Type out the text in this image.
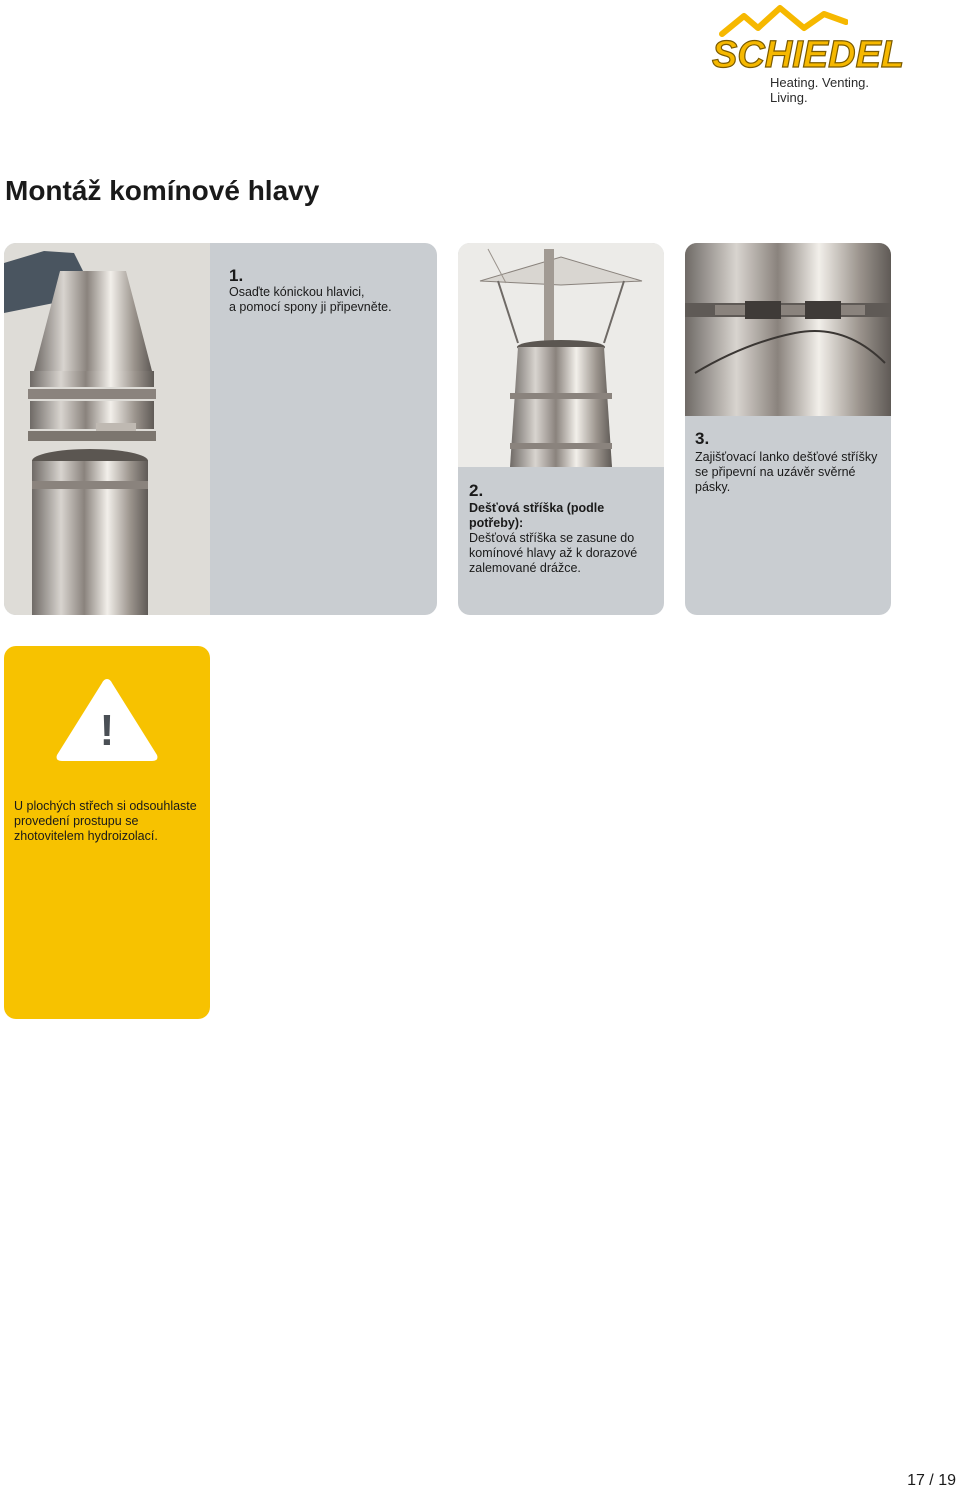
SCHIEDEL
Heating. Venting. Living.
Montáž komínové hlavy
1.
Osaďte kónickou hlavici,
a pomocí spony ji připevněte.
2.
Dešťová stříška (podle
potřeby):
Dešťová stříška se zasune do
komínové hlavy až k dorazové
zalemované drážce.
3.
Zajišťovací lanko dešťové stříšky
se připevní na uzávěr svěrné
pásky.
!
U plochých střech si odsouhlaste
provedení prostupu se
zhotovitelem hydroizolací.
17 / 19
